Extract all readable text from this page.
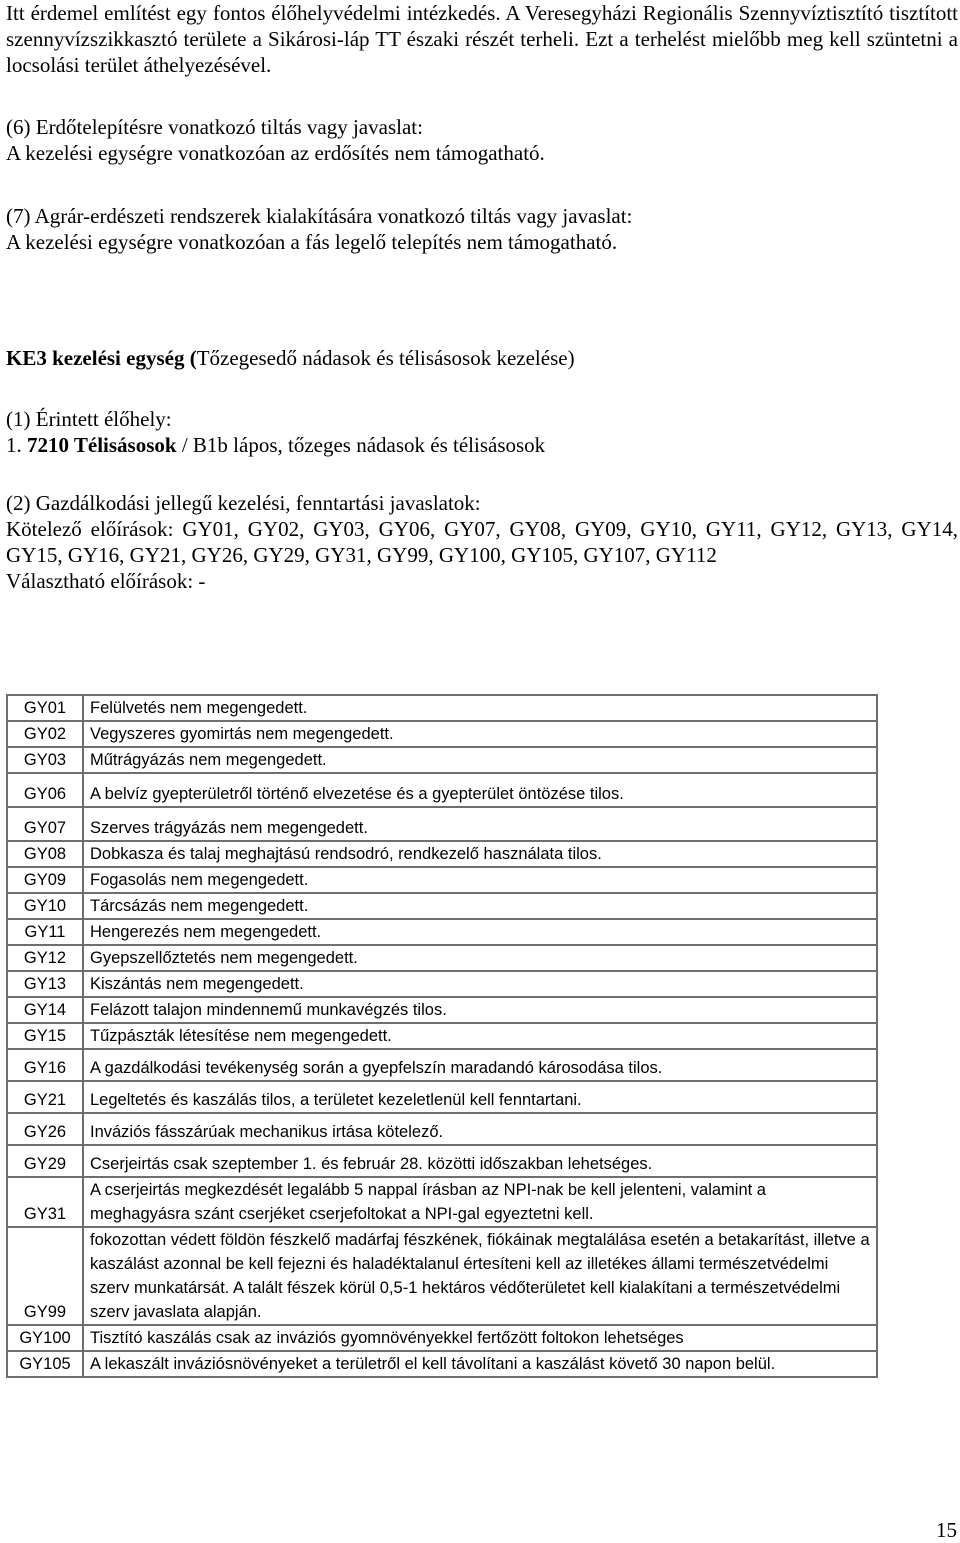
Itt érdemel említést egy fontos élőhelyvédelmi intézkedés. A Veresegyházi Regionális Szennyvíztisztító tisztított szennyvízszikkasztó területe a Sikárosi-láp TT északi részét terheli. Ezt a terhelést mielőbb meg kell szüntetni a locsolási terület áthelyezésével.

(6) Erdőtelepítésre vonatkozó tiltás vagy javaslat:

A kezelési egységre vonatkozóan az erdősítés nem támogatható.

(7) Agrár-erdészeti rendszerek kialakítására vonatkozó tiltás vagy javaslat:

A kezelési egységre vonatkozóan a fás legelő telepítés nem támogatható.

KE3 kezelési egység (Tőzegesedő nádasok és télisásosok kezelése)

(1) Érintett élőhely:

1. 7210 Télisásosok / B1b lápos, tőzeges nádasok és télisásosok

(2) Gazdálkodási jellegű kezelési, fenntartási javaslatok:

Kötelező előírások: GY01, GY02, GY03, GY06, GY07, GY08, GY09, GY10, GY11, GY12, GY13, GY14, GY15, GY16, GY21, GY26, GY29, GY31, GY99, GY100, GY105, GY107, GY112

Választható előírások: -

GY01	Felülvetés nem megengedett.
GY02	Vegyszeres gyomirtás nem megengedett.
GY03	Műtrágyázás nem megengedett.
GY06	A belvíz gyepterületről történő elvezetése és a gyepterület öntözése tilos.
GY07	Szerves trágyázás nem megengedett.
GY08	Dobkasza és talaj meghajtású rendsodró, rendkezelő használata tilos.
GY09	Fogasolás nem megengedett.
GY10	Tárcsázás nem megengedett.
GY11	Hengerezés nem megengedett.
GY12	Gyepszellőztetés nem megengedett.
GY13	Kiszántás nem megengedett.
GY14	Felázott talajon mindennemű munkavégzés tilos.
GY15	Tűzpászták létesítése nem megengedett.
GY16	A gazdálkodási tevékenység során a gyepfelszín maradandó károsodása tilos.
GY21	Legeltetés és kaszálás tilos, a területet kezeletlenül kell fenntartani.
GY26	Inváziós fásszárúak mechanikus irtása kötelező.
GY29	Cserjeirtás csak szeptember 1. és február 28. közötti időszakban lehetséges.
GY31	A cserjeirtás megkezdését legalább 5 nappal írásban az NPI-nak be kell jelenteni, valamint a meghagyásra szánt cserjéket cserjefoltokat a NPI-gal egyeztetni kell.
GY99	fokozottan védett földön fészkelő madárfaj fészkének, fiókáinak megtalálása esetén a betakarítást, illetve a kaszálást azonnal be kell fejezni és haladéktalanul értesíteni kell az illetékes állami természetvédelmi szerv munkatársát. A talált fészek körül 0,5-1 hektáros védőterületet kell kialakítani a természetvédelmi szerv javaslata alapján.
GY100	Tisztító kaszálás csak az inváziós gyomnövényekkel fertőzött foltokon lehetséges
GY105	A lekaszált inváziósnövényeket a területről el kell távolítani a kaszálást követő 30 napon belül.
15
